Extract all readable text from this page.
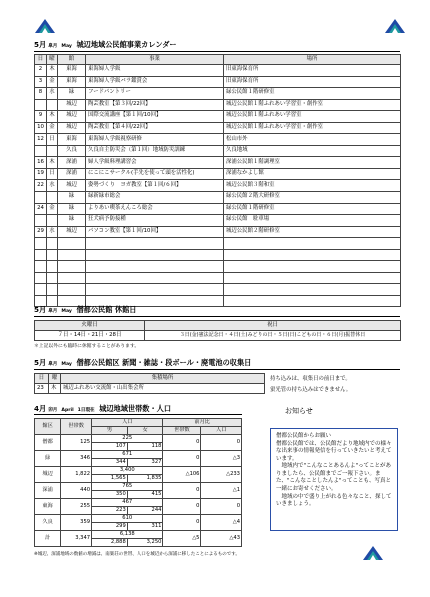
5月 皐月 May 城辺地域公民館事業カレンダー
日	曜	館	事業	場所
2	木	東海	東海婦人学級	旧東海保育所
3	金	東海	東海婦人学級バラ鑑賞会	旧東海保育所
8	水	緑	フードパントリー	緑公民館１階研修室
		城辺	陶芸教室【第３回/22回】	城辺公民館１階ふれあい学習室・創作室
9	木	城辺	国際交流講座【第１回/10回】	城辺公民館１階ふれあい学習室
10	金	城辺	陶芸教室【第４回/22回】	城辺公民館１階ふれあい学習室・創作室
12	日	東海	東海婦人学級視察研修	松山市外
		久良	久良自主防災会（第１回）地域防災訓練	久良地域
16	木	深浦	婦人学級料理講習会	深浦公民館１階調理室
19	日	深浦	にこにこサークル(手先を使って頭を活性化)	深浦なかよし館
22	水	城辺	姿勢づくり　ヨガ教室【第１回/６回】	城辺公民館３階和室
		緑	緑新緑市総会	緑公民館２階大研修室
24	金	緑	よりあい喫茶えんころ総会	緑公民館１階研修室
		緑	狂犬病予防接種	緑公民館　駐車場
29	水	城辺	パソコン教室【第１回/10回】	城辺公民館２階研修室

5月 皐月 May 僧都公民館 休館日
火曜日	祝日
７日・14日・21日・28日	３日(金)憲法記念日・４日(土)みどりの日・５日(日)こどもの日・６日(月)振替休日
＊上記以外にも臨時に休館することがあります。
5月 皐月 May 僧都公民館区 新聞・雑誌・段ボール・廃電池の収集日
日	曜	集積場所
23	木	城辺ふれあい交流館・山出集会所
持ち込みは、収集日の前日まで。
蛍光管の持ち込みはできません。
4月 卯月 April 1日現在 城辺地域世帯数・人口
館区	世帯数	人口		前月比	
		男	女	世帯数	人口
僧都	125	225		0	0
		107	118		
緑	346	671		0	△3
		344	327		
城辺	1,822	3,400		△106	△233
		1,565	1,835		
深浦	440	765		0	△1
		350	415		
東海	255	467		0	0
		223	244		
久良	359	610		0	△4
		299	311		
計	3,347	6,138		△5	△43
		2,888	3,250		
お知らせ

僧都公民館からお願い
僧都公民館では、公民館だより地域内での様々な出来事の情報発信を行っていきたいと考えています。
　地域内で"こんなことあるんよ"ってことがありましたら、公民館までご一報下さい。また、"こんなことしたんよ"ってことも、写真と一緒にお寄せください。
　地域の中で盛り上がれる色々なこと、探していきましょう。

※城辺、深浦地域の数値の増減は、南楽荘の世帯、人口を城辺から深浦に移したことによるものです。
